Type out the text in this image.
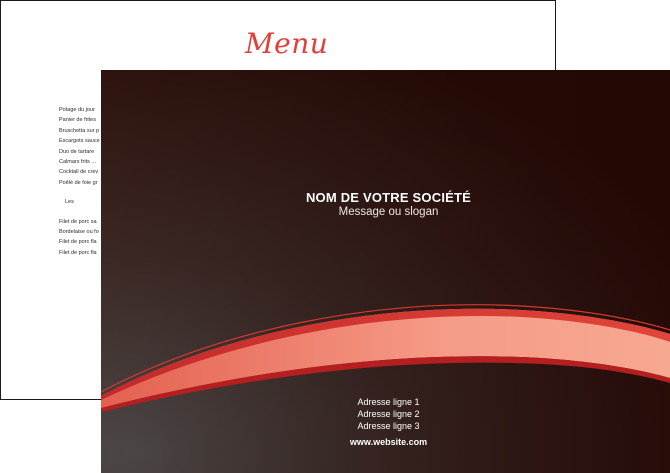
Menu
Potage du jour
Panier de frites
Bruschetta sur p
Escargots sauce
Duo de tartare
Calmars frits ...
Cocktail de crev
Poêlé de foie gr
Les
Filet de porc sa
Bordelaise ou fo
Filet de porc fla
Filet de porc fla
NOM DE VOTRE SOCIÉTÉ
Message ou slogan
Adresse ligne 1
Adresse ligne 2
Adresse ligne 3
www.website.com
